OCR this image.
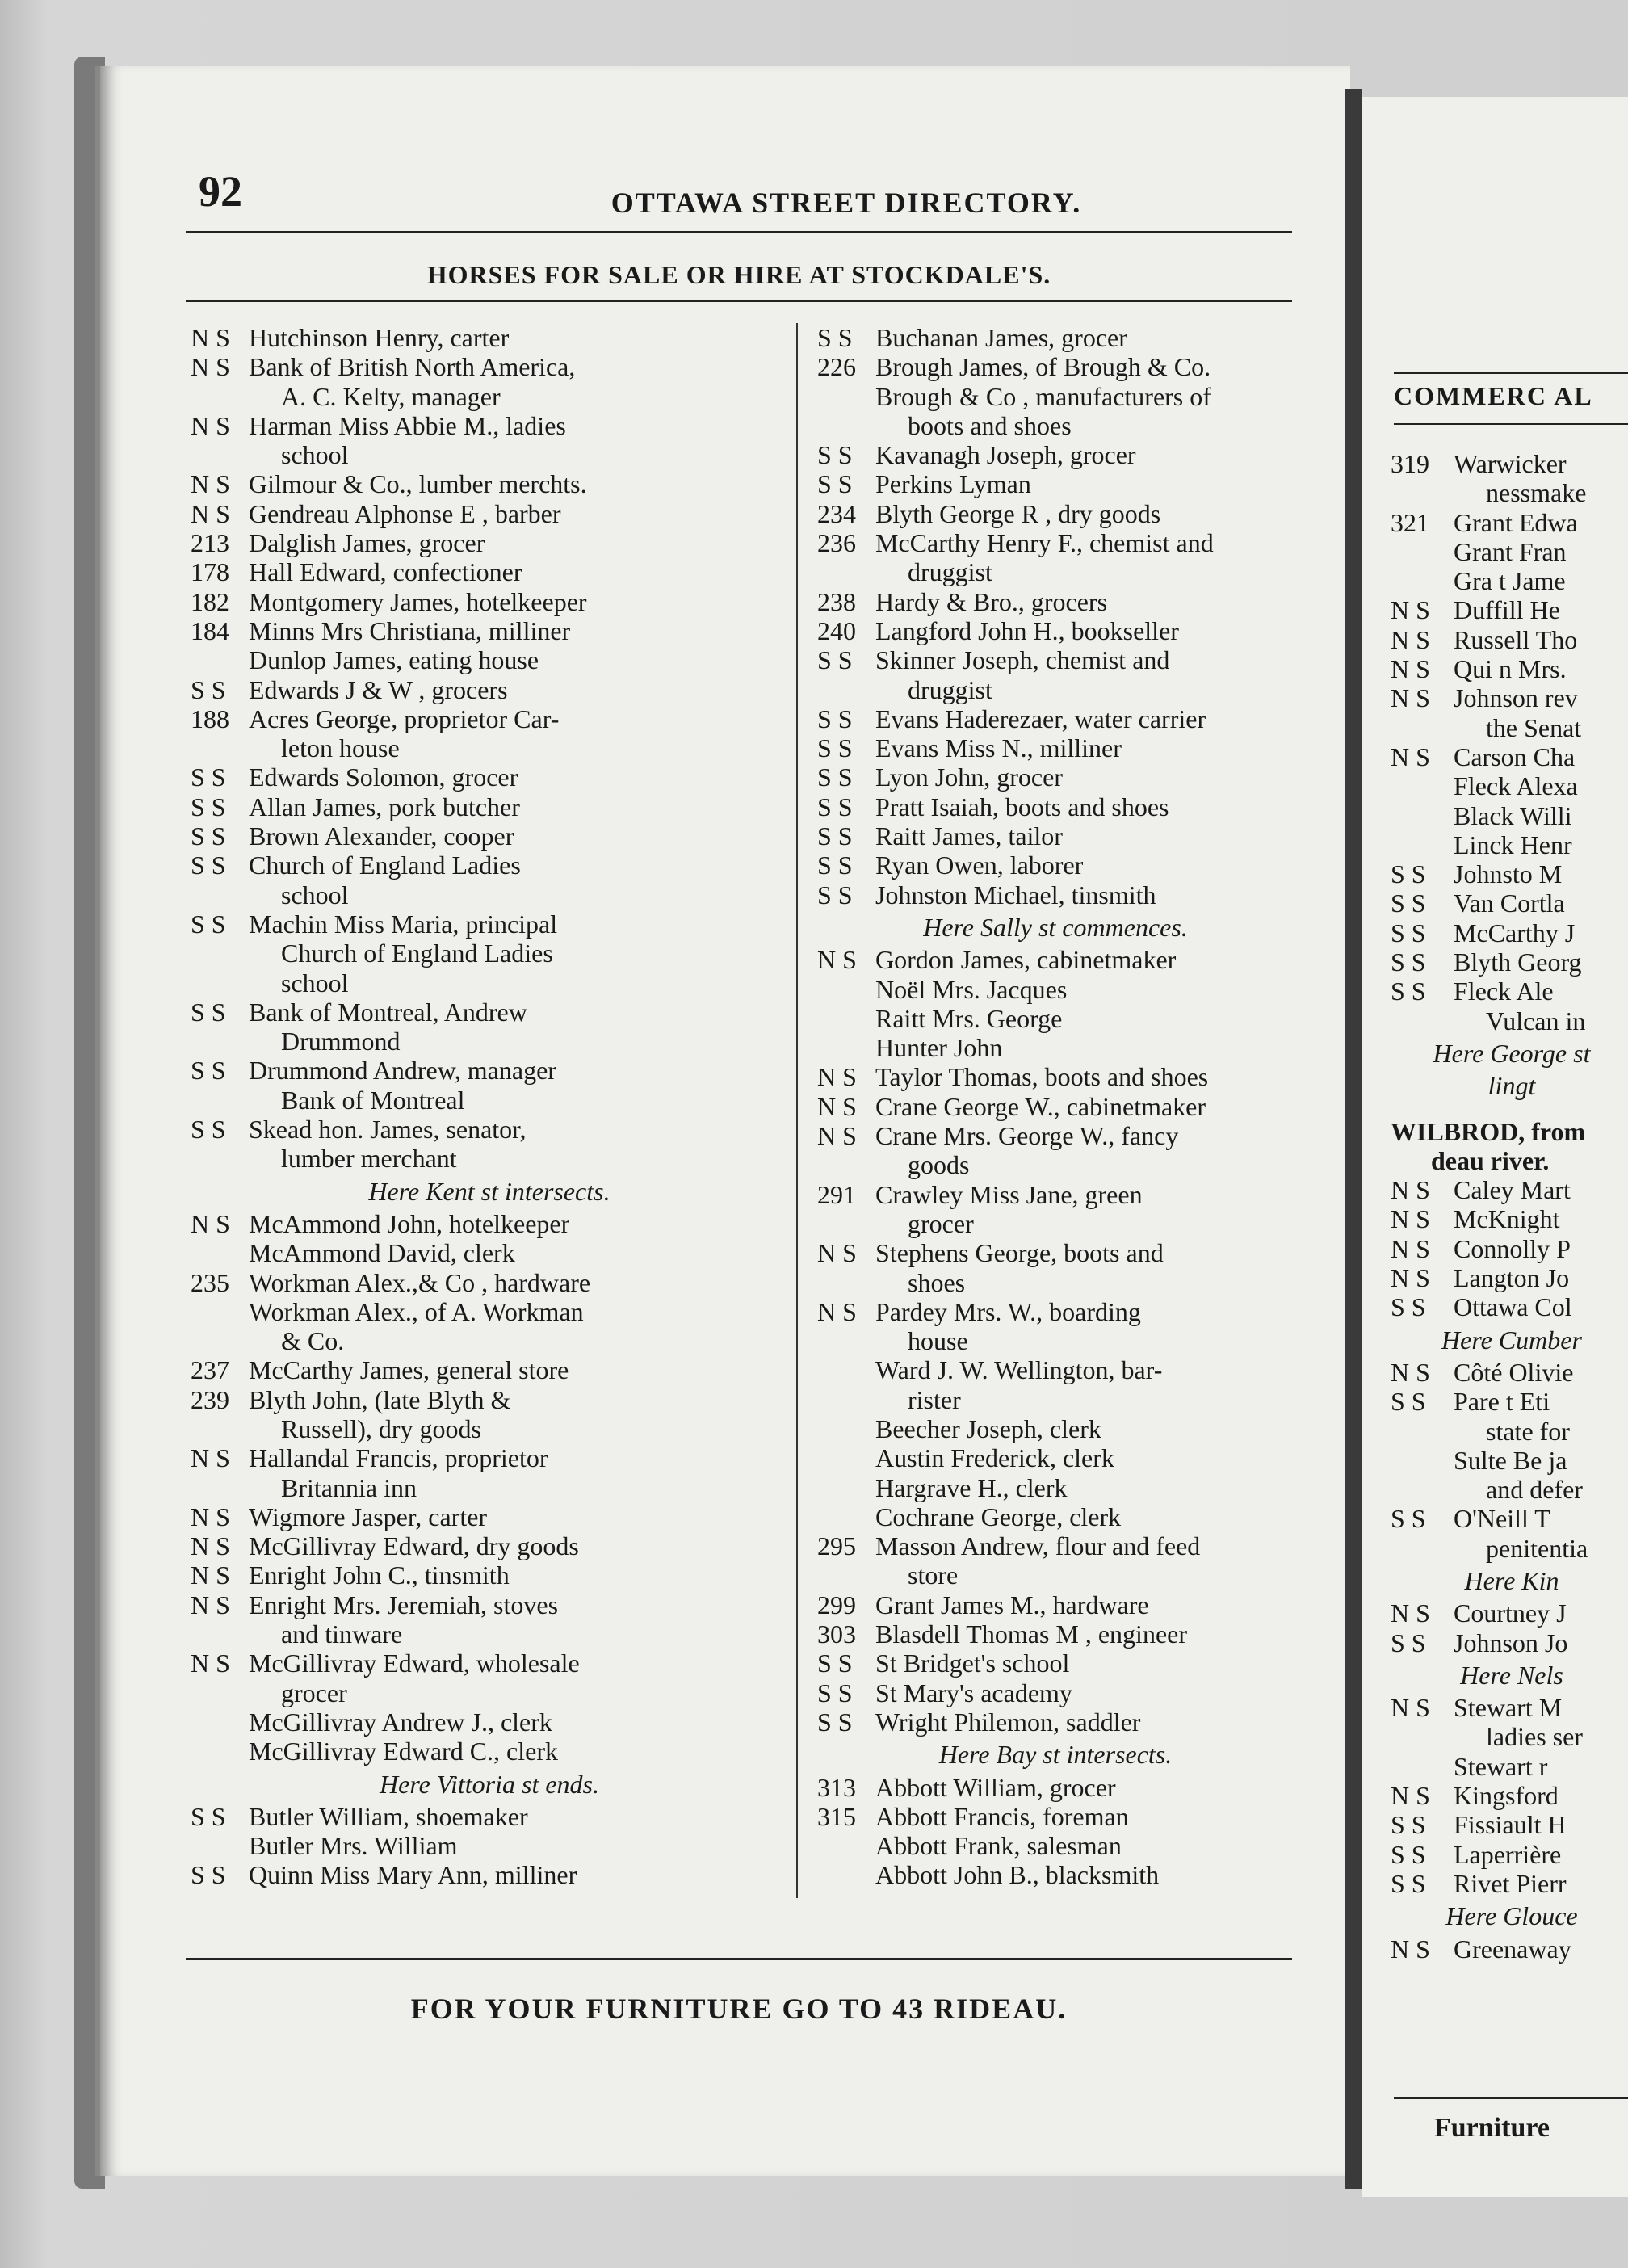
92	OTTAWA STREET DIRECTORY.
HORSES FOR SALE OR HIRE AT STOCKDALE'S.
N S Hutchinson Henry, carter
N S Bank of British North America,
A. C. Kelty, manager
N S Harman Miss Abbie M., ladies
school
N S Gilmour & Co., lumber merchts.
N S Gendreau Alphonse E , barber
213 Dalglish James, grocer
178 Hall Edward, confectioner
182 Montgomery James, hotelkeeper
184 Minns Mrs Christiana, milliner
Dunlop James, eating house
S S Edwards J & W , grocers
188 Acres George, proprietor Car-
leton house
S S Edwards Solomon, grocer
S S Allan James, pork butcher
S S Brown Alexander, cooper
S S Church of England Ladies
school
S S Machin Miss Maria, principal
Church of England Ladies
school
S S Bank of Montreal, Andrew
Drummond
S S Drummond Andrew, manager
Bank of Montreal
S S Skead hon. James, senator,
lumber merchant
Here Kent st intersects.
N S McAmmond John, hotelkeeper
McAmmond David, clerk
235 Workman Alex.,& Co , hardware
Workman Alex., of A. Workman
& Co.
237 McCarthy James, general store
239 Blyth John, (late Blyth &
Russell), dry goods
N S Hallandal Francis, proprietor
Britannia inn
N S Wigmore Jasper, carter
N S McGillivray Edward, dry goods
N S Enright John C., tinsmith
N S Enright Mrs. Jeremiah, stoves
and tinware
N S McGillivray Edward, wholesale
grocer
McGillivray Andrew J., clerk
McGillivray Edward C., clerk
Here Vittoria st ends.
S S Butler William, shoemaker
Butler Mrs. William
S S Quinn Miss Mary Ann, milliner
S S Buchanan James, grocer
226 Brough James, of Brough & Co.
Brough & Co , manufacturers of
boots and shoes
S S Kavanagh Joseph, grocer
S S Perkins Lyman
234 Blyth George R , dry goods
236 McCarthy Henry F., chemist and
druggist
238 Hardy & Bro., grocers
240 Langford John H., bookseller
S S Skinner Joseph, chemist and
druggist
S S Evans Haderezaer, water carrier
S S Evans Miss N., milliner
S S Lyon John, grocer
S S Pratt Isaiah, boots and shoes
S S Raitt James, tailor
S S Ryan Owen, laborer
S S Johnston Michael, tinsmith
Here Sally st commences.
N S Gordon James, cabinetmaker
Noël Mrs. Jacques
Raitt Mrs. George
Hunter John
N S Taylor Thomas, boots and shoes
N S Crane George W., cabinetmaker
N S Crane Mrs. George W., fancy
goods
291 Crawley Miss Jane, green
grocer
N S Stephens George, boots and
shoes
N S Pardey Mrs. W., boarding
house
Ward J. W. Wellington, bar-
rister
Beecher Joseph, clerk
Austin Frederick, clerk
Hargrave H., clerk
Cochrane George, clerk
295 Masson Andrew, flour and feed
store
299 Grant James M., hardware
303 Blasdell Thomas M , engineer
S S St Bridget's school
S S St Mary's academy
S S Wright Philemon, saddler
Here Bay st intersects.
313 Abbott William, grocer
315 Abbott Francis, foreman
Abbott Frank, salesman
Abbott John B., blacksmith
FOR YOUR FURNITURE GO TO 43 RIDEAU.
COMMERC AL
319 Warwicker
nessmake
321 Grant Edwa
Grant Fran
Gra t Jame
N S Duffill He
N S Russell Tho
N S Qui n Mrs.
N S Johnson rev
the Senat
N S Carson Cha
Fleck Alexa
Black Willi
Linck Henr
S S	Johnsto M
S S	Van Cortla
S S	McCarthy J
S S	Blyth Georg
S S	Fleck Ale
Vulcan in
Here George st
lingt
WILBROD, from
deau river.
N S Caley Mart
N S McKnight
N S Connolly P
N S Langton Jo
S S	Ottawa Col
Here Cumber
N S Côté Olivie
S S	Pare t Eti
state for
Sulte Be ja
and defer
S S	O'Neill T
penitentia
Here Kin
N S Courtney J
S S	Johnson Jo
Here Nels
N S Stewart M
ladies ser
Stewart r
N S Kingsford
S S	Fissiault H
S S	Laperrière
S S	Rivet Pierr
Here Glouce
N S Greenaway
Furniture
